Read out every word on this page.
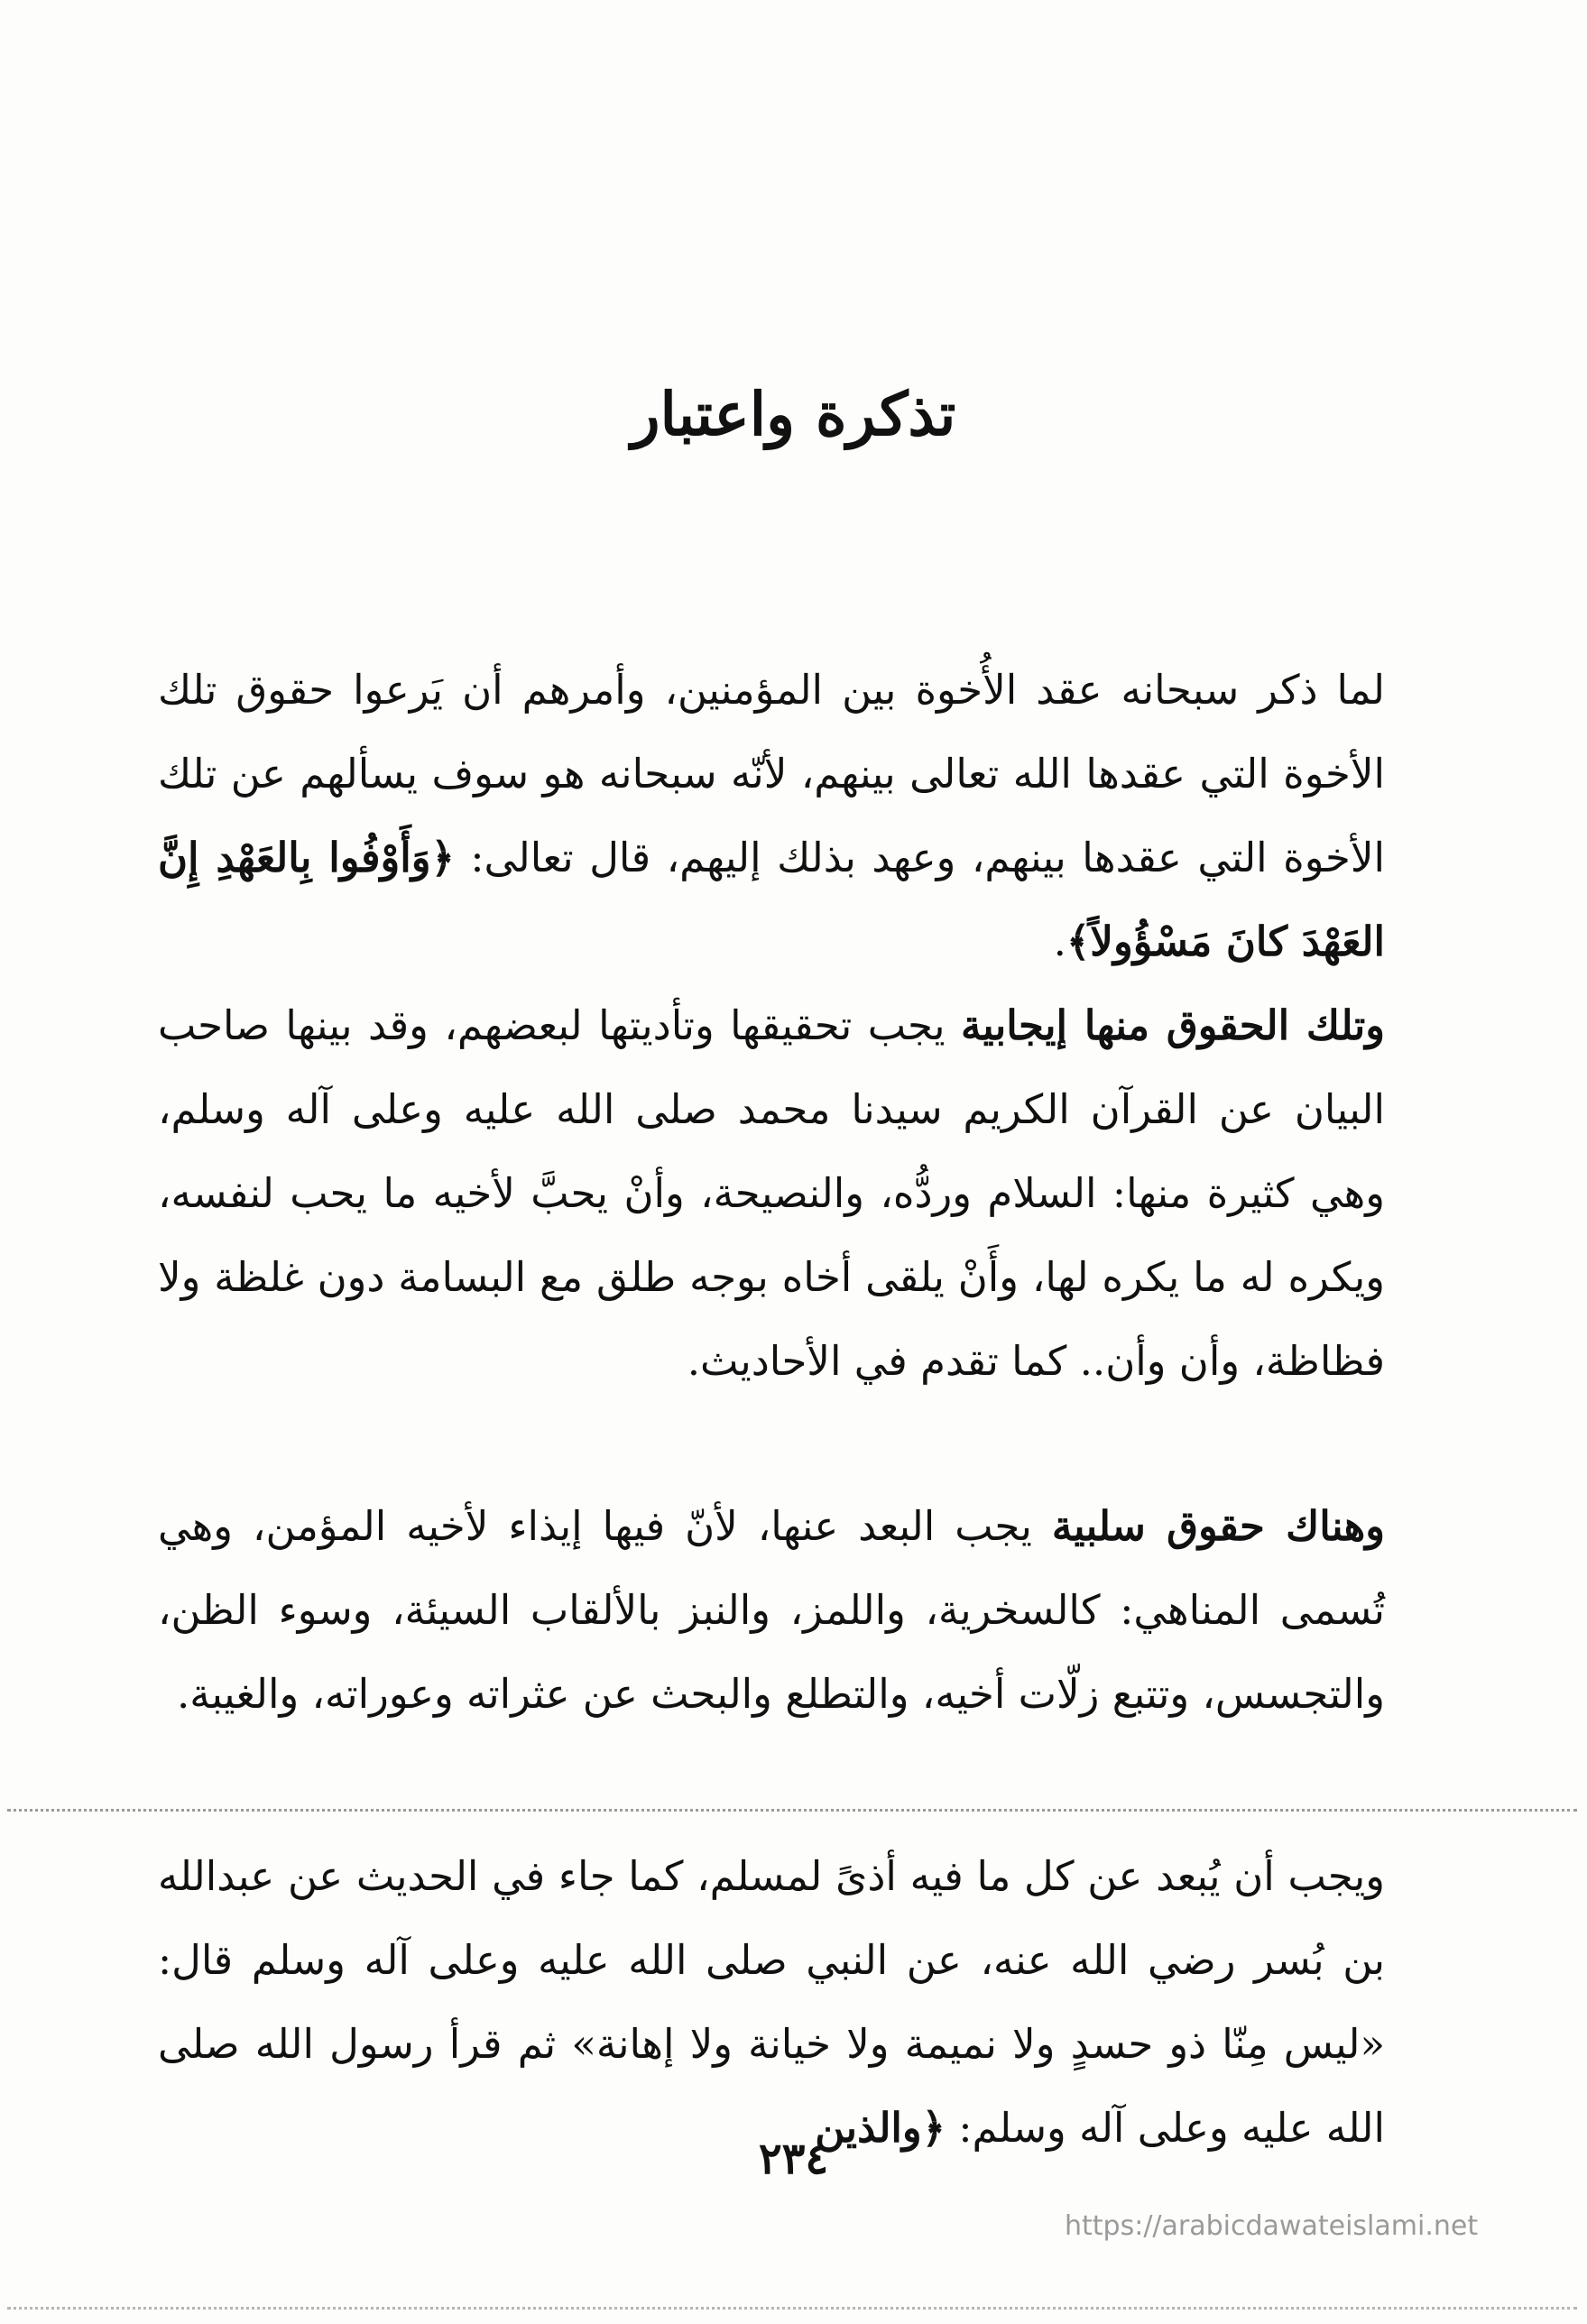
تذكرة واعتبار

لما ذكر سبحانه عقد الأُخوة بين المؤمنين، وأمرهم أن يَرعوا حقوق تلك الأخوة التي عقدها الله تعالى بينهم، لأنّه سبحانه هو سوف يسألهم عن تلك الأخوة التي عقدها بينهم، وعهد بذلك إليهم، قال تعالى: ﴿وَأَوْفُوا بِالعَهْدِ إِنَّ العَهْدَ كانَ مَسْؤُولاً﴾.

وتلك الحقوق منها إيجابية يجب تحقيقها وتأديتها لبعضهم، وقد بينها صاحب البيان عن القرآن الكريم سيدنا محمد صلى الله عليه وعلى آله وسلم، وهي كثيرة منها: السلام وردُّه، والنصيحة، وأنْ يحبَّ لأخيه ما يحب لنفسه، ويكره له ما يكره لها، وأَنْ يلقى أخاه بوجه طلق مع البسامة دون غلظة ولا فظاظة، وأن وأن.. كما تقدم في الأحاديث.

وهناك حقوق سلبية يجب البعد عنها، لأنّ فيها إيذاء لأخيه المؤمن، وهي تُسمى المناهي: كالسخرية، واللمز، والنبز بالألقاب السيئة، وسوء الظن، والتجسس، وتتبع زلّات أخيه، والتطلع والبحث عن عثراته وعوراته، والغيبة.

ويجب أن يُبعد عن كل ما فيه أذىً لمسلم، كما جاء في الحديث عن عبدالله بن بُسر رضي الله عنه، عن النبي صلى الله عليه وعلى آله وسلم قال: «ليس مِنّا ذو حسدٍ ولا نميمة ولا خيانة ولا إهانة» ثم قرأ رسول الله صلى الله عليه وعلى آله وسلم: ﴿والذين

٢٣٤
https://arabicdawateislami.net
